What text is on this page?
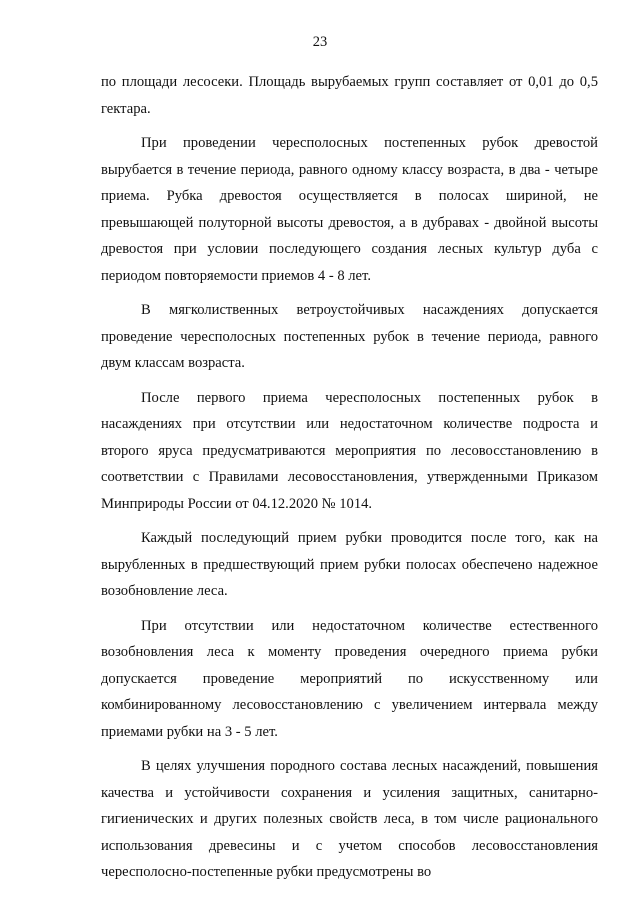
23

по площади лесосеки. Площадь вырубаемых групп составляет от 0,01 до 0,5 гектара.

При проведении чересполосных постепенных рубок древостой вырубается в течение периода, равного одному классу возраста, в два - четыре приема. Рубка древостоя осуществляется в полосах шириной, не превышающей полуторной высоты древостоя, а в дубравах - двойной высоты древостоя при условии последующего создания лесных культур дуба с периодом повторяемости приемов 4 - 8 лет.

В мягколиственных ветроустойчивых насаждениях допускается проведение чересполосных постепенных рубок в течение периода, равного двум классам возраста.

После первого приема чересполосных постепенных рубок в насаждениях при отсутствии или недостаточном количестве подроста и второго яруса предусматриваются мероприятия по лесовосстановлению в соответствии с Правилами лесовосстановления, утвержденными Приказом Минприроды России от 04.12.2020 № 1014.

Каждый последующий прием рубки проводится после того, как на вырубленных в предшествующий прием рубки полосах обеспечено надежное возобновление леса.

При отсутствии или недостаточном количестве естественного возобновления леса к моменту проведения очередного приема рубки допускается проведение мероприятий по искусственному или комбинированному лесовосстановлению с увеличением интервала между приемами рубки на 3 - 5 лет.

В целях улучшения породного состава лесных насаждений, повышения качества и устойчивости сохранения и усиления защитных, санитарно-гигиенических и других полезных свойств леса, в том числе рационального использования древесины и с учетом способов лесовосстановления чересполосно-постепенные рубки предусмотрены во
